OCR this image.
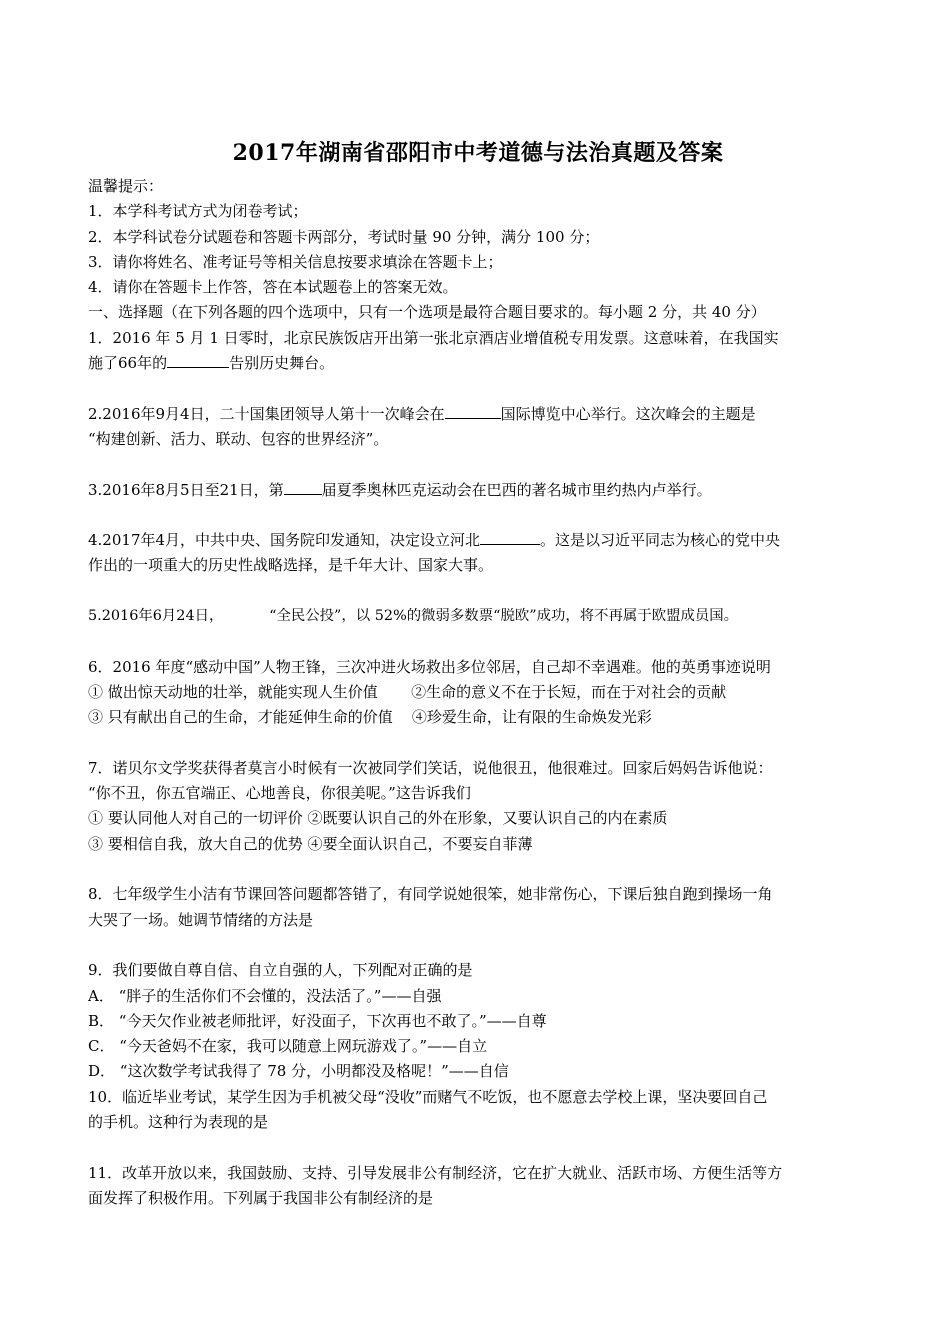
2017年湖南省邵阳市中考道德与法治真题及答案
温馨提示：
1．本学科考试方式为闭卷考试；
2．本学科试卷分试题卷和答题卡两部分，考试时量 90 分钟，满分 100 分；
3．请你将姓名、准考证号等相关信息按要求填涂在答题卡上；
4．请你在答题卡上作答，答在本试题卷上的答案无效。
一、选择题（在下列各题的四个选项中，只有一个选项是最符合题目要求的。每小题 2 分，共 40 分）
1．2016 年 5 月 1 日零时，北京民族饭店开出第一张北京酒店业增值税专用发票。这意味着，在我国实
施了66年的	告别历史舞台。

2.2016年9月4日，二十国集团领导人第十一次峰会在	国际博览中心举行。这次峰会的主题是
“构建创新、活力、联动、包容的世界经济”。

3.2016年8月5日至21日，第	届夏季奥林匹克运动会在巴西的著名城市里约热内卢举行。

4.2017年4月，中共中央、国务院印发通知，决定设立河北	。这是以习近平同志为核心的党中央
作出的一项重大的历史性战略选择，是千年大计、国家大事。

5.2016年6月24日，          “全民公投”，以 52%的微弱多数票“脱欧”成功，将不再属于欧盟成员国。

6．2016 年度“感动中国”人物王锋，三次冲进火场救出多位邻居，自己却不幸遇难。他的英勇事迹说明
① 做出惊天动地的壮举，就能实现人生价值       ②生命的意义不在于长短，而在于对社会的贡献
③ 只有献出自己的生命，才能延伸生命的价值    ④珍爱生命，让有限的生命焕发光彩

7．诺贝尔文学奖获得者莫言小时候有一次被同学们笑话，说他很丑，他很难过。回家后妈妈告诉他说：
“你不丑，你五官端正、心地善良，你很美呢。”这告诉我们
① 要认同他人对自己的一切评价 ②既要认识自己的外在形象，又要认识自己的内在素质
③ 要相信自我，放大自己的优势 ④要全面认识自己，不要妄自菲薄

8．七年级学生小洁有节课回答问题都答错了，有同学说她很笨，她非常伤心，下课后独自跑到操场一角
大哭了一场。她调节情绪的方法是

9．我们要做自尊自信、自立自强的人，下列配对正确的是
A． “胖子的生活你们不会懂的，没法活了。”——自强
B． “今天欠作业被老师批评，好没面子，下次再也不敢了。”——自尊
C． “今天爸妈不在家，我可以随意上网玩游戏了。”——自立
D． “这次数学考试我得了 78 分，小明都没及格呢！”——自信
10．临近毕业考试，某学生因为手机被父母“没收”而赌气不吃饭，也不愿意去学校上课，坚决要回自己
的手机。这种行为表现的是

11．改革开放以来，我国鼓励、支持、引导发展非公有制经济，它在扩大就业、活跃市场、方便生活等方
面发挥了积极作用。下列属于我国非公有制经济的是
